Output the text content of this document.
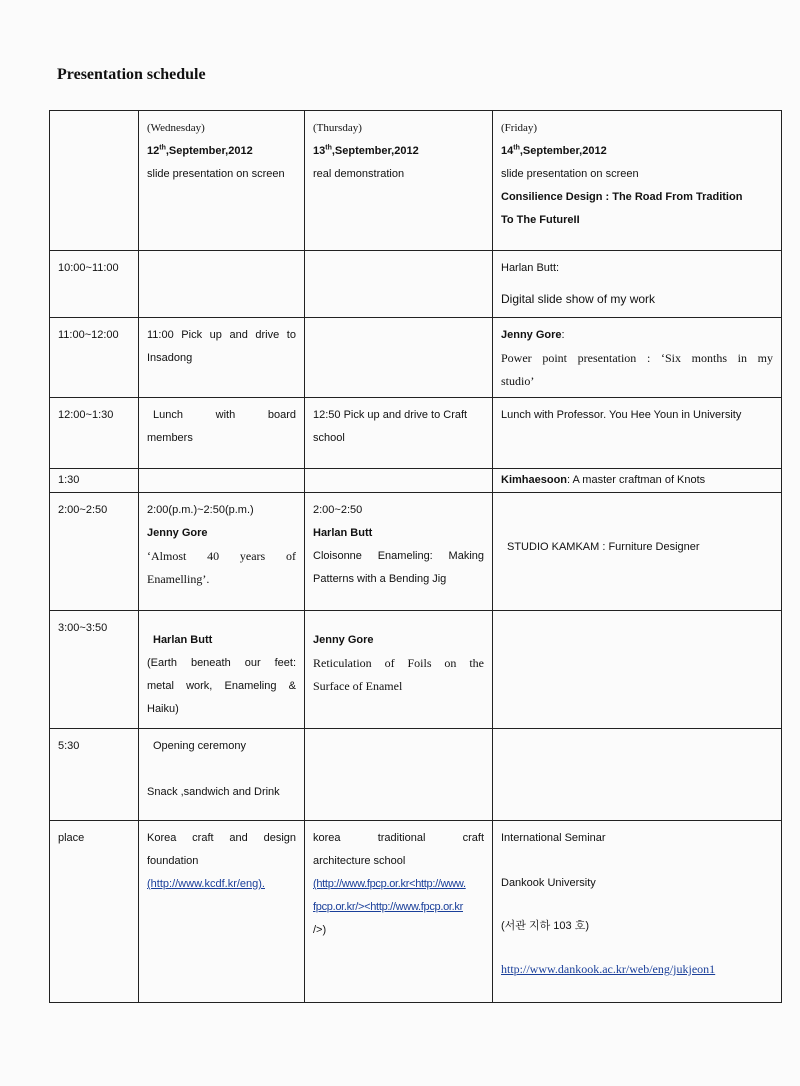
Presentation schedule

	(Wednesday)
12th,September,2012
slide presentation on screen	(Thursday)
13th,September,2012
real demonstration	(Friday)
14th,September,2012
slide presentation on screen
Consilience Design : The Road From Tradition
To The FutureII

10:00~11:00			Harlan Butt:
Digital slide show of my work

11:00~12:00	11:00 Pick up and drive to
Insadong		Jenny Gore:
Power point presentation : ‘Six months in my
studio’

12:00~1:30	Lunch with board
members	12:50 Pick up and drive to Craft
school	Lunch with Professor. You Hee Youn in University

1:30			Kimhaesoon: A master craftman of Knots
2:00~2:50	2:00(p.m.)~2:50(p.m.)
Jenny Gore
‘Almost 40 years of
Enamelling’.	2:00~2:50
Harlan Butt
Cloisonne Enameling: Making
Patterns with a Bending Jig	STUDIO KAMKAM : Furniture Designer

3:00~3:50	Harlan Butt
(Earth beneath our feet:
metal work, Enameling &
Haiku)	Jenny Gore
Reticulation of Foils on the
Surface of Enamel	

5:30	Opening ceremony
Snack ,sandwich and Drink		

place	Korea craft and design
foundation
(http://www.kcdf.kr/eng).	korea traditional craft
architecture school
(http://www.fpcp.or.kr<http://www.
fpcp.or.kr/><http://www.fpcp.or.kr
/>)	International Seminar
Dankook University
(서관 지하 103 호)
http://www.dankook.ac.kr/web/eng/jukjeon1
